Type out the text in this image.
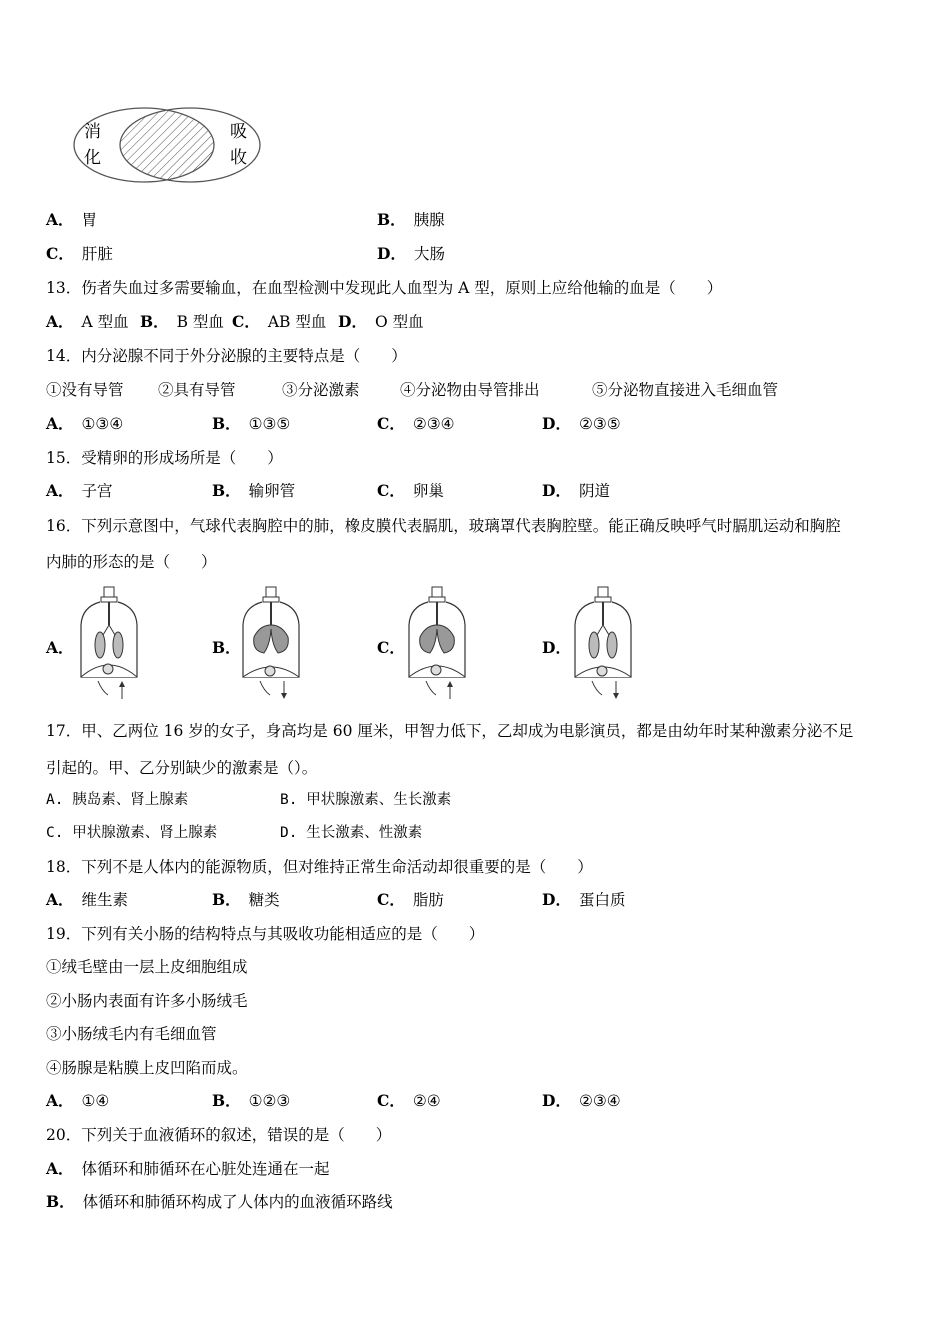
消
化
吸
收
A． 胃	B． 胰腺
C． 肝脏	D． 大肠
13．伤者失血过多需要输血，在血型检测中发现此人血型为 A 型，原则上应给他输的血是（　　）
A． A 型血 B． B 型血 C． AB 型血 D． O 型血
14．内分泌腺不同于外分泌腺的主要特点是（　　）
①没有导管 ②具有导管	③分泌激素	④分泌物由导管排出	⑤分泌物直接进入毛细血管
A． ①③④	B． ①③⑤	C． ②③④	D． ②③⑤
15．受精卵的形成场所是（　　）
A． 子宫	B． 输卵管	C． 卵巢	D． 阴道
16．下列示意图中，气球代表胸腔中的肺，橡皮膜代表膈肌，玻璃罩代表胸腔壁。能正确反映呼气时膈肌运动和胸腔
内肺的形态的是（　　）
A．	B．	C．	D．
17．甲、乙两位 16 岁的女子，身高均是 60 厘米，甲智力低下，乙却成为电影演员，都是由幼年时某种激素分泌不足
引起的。甲、乙分别缺少的激素是（）。
A. 胰岛素、肾上腺素	B. 甲状腺激素、生长激素
C. 甲状腺激素、肾上腺素	D. 生长激素、性激素
18．下列不是人体内的能源物质，但对维持正常生命活动却很重要的是（　　）
A． 维生素	B． 糖类	C． 脂肪	D． 蛋白质
19．下列有关小肠的结构特点与其吸收功能相适应的是（　　）
①绒毛壁由一层上皮细胞组成
②小肠内表面有许多小肠绒毛
③小肠绒毛内有毛细血管
④肠腺是粘膜上皮凹陷而成。
A． ①④	B． ①②③	C． ②④	D． ②③④
20．下列关于血液循环的叙述，错误的是（　　）
A． 体循环和肺循环在心脏处连通在一起
B． 体循环和肺循环构成了人体内的血液循环路线
